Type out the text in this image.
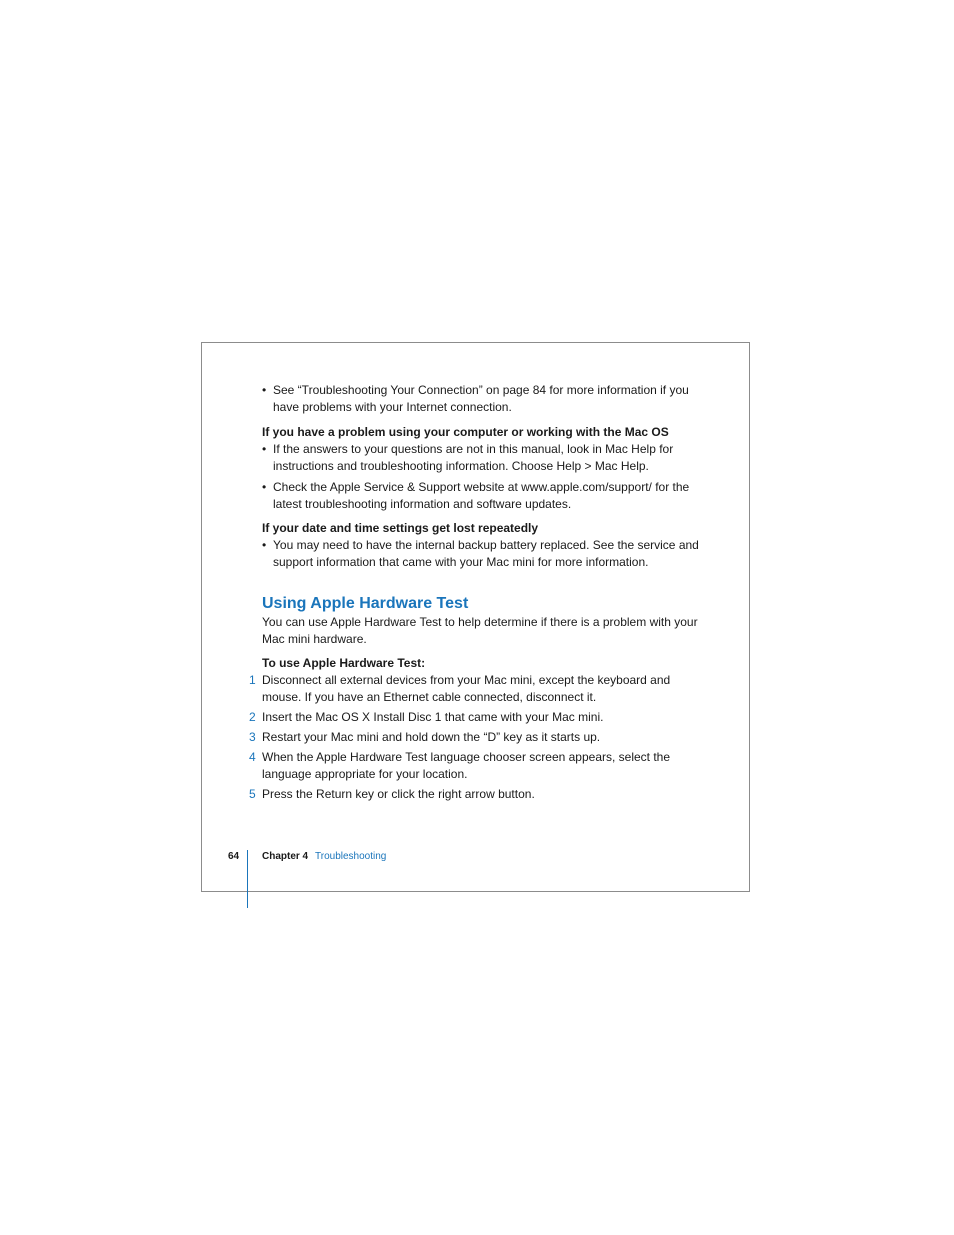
• See “Troubleshooting Your Connection” on page 84 for more information if you have problems with your Internet connection.

If you have a problem using your computer or working with the Mac OS

• If the answers to your questions are not in this manual, look in Mac Help for instructions and troubleshooting information. Choose Help > Mac Help.

• Check the Apple Service & Support website at www.apple.com/support/ for the latest troubleshooting information and software updates.

If your date and time settings get lost repeatedly

• You may need to have the internal backup battery replaced. See the service and support information that came with your Mac mini for more information.

Using Apple Hardware Test

You can use Apple Hardware Test to help determine if there is a problem with your Mac mini hardware.

To use Apple Hardware Test:

1 Disconnect all external devices from your Mac mini, except the keyboard and mouse. If you have an Ethernet cable connected, disconnect it.

2 Insert the Mac OS X Install Disc 1 that came with your Mac mini.

3 Restart your Mac mini and hold down the “D” key as it starts up.

4 When the Apple Hardware Test language chooser screen appears, select the language appropriate for your location.

5 Press the Return key or click the right arrow button.

64 Chapter 4 Troubleshooting
